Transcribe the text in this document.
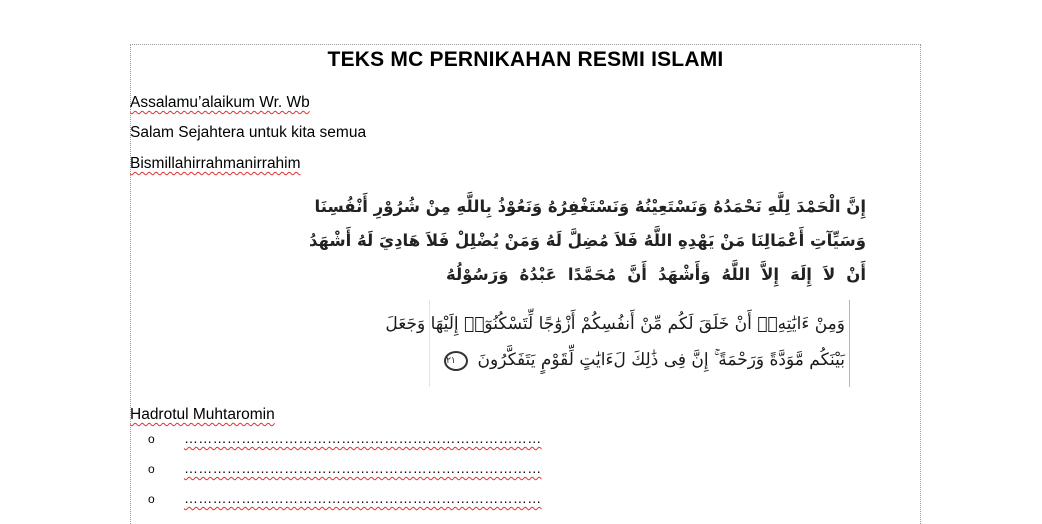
TEKS MC PERNIKAHAN RESMI ISLAMI
Assalamu’alaikum Wr. Wb
Salam Sejahtera untuk kita semua
Bismillahirrahmanirrahim
إِنَّ الْحَمْدَ لِلَّهِ نَحْمَدُهُ وَنَسْتَعِيْنُهُ وَنَسْتَغْفِرُهُ وَنَعُوْذُ بِاللَّهِ مِنْ شُرُوْرِ أَنْفُسِنَا
وَسَيِّآتِ أَعْمَالِنَا مَنْ يَهْدِهِ اللَّهُ فَلاَ مُضِلَّ لَهُ وَمَنْ يُضْلِلْ فَلاَ هَادِيَ لَهُ أَشْهَدُ
أَنْ لاَ إِلَهَ إِلاَّ اللَّهُ وَأَشْهَدُ أَنَّ مُحَمَّدًا عَبْدُهُ وَرَسُوْلُهُ
وَمِنْ ءَايَٰتِهِۦٓ أَنْ خَلَقَ لَكُم مِّنْ أَنفُسِكُمْ أَزْوَٰجًا لِّتَسْكُنُوٓا۟ إِلَيْهَا وَجَعَلَ
بَيْنَكُم مَّوَدَّةً وَرَحْمَةً ۚ إِنَّ فِى ذَٰلِكَ لَءَايَٰتٍ لِّقَوْمٍ يَتَفَكَّرُونَ ٢١
Hadrotul Muhtaromin
o …………………………………………………………………
o …………………………………………………………………
o …………………………………………………………………
